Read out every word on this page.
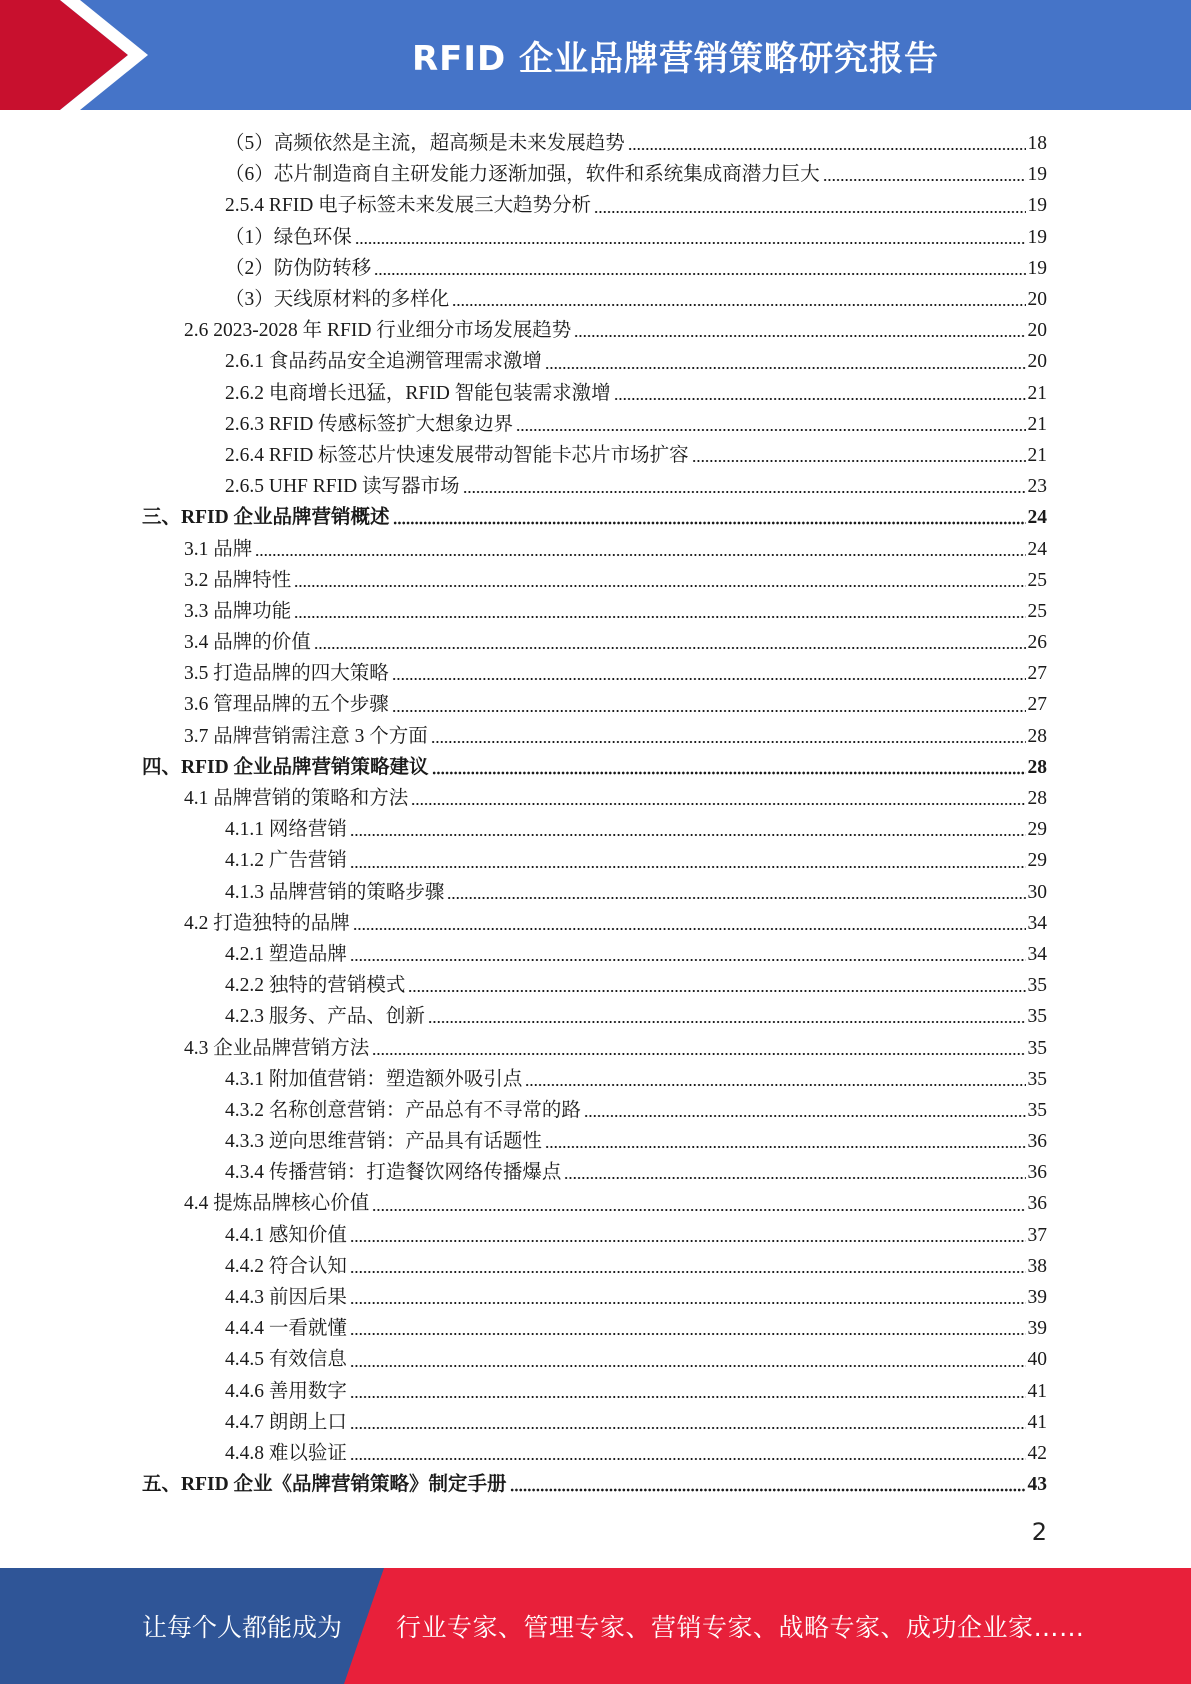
RFID 企业品牌营销策略研究报告
（5）高频依然是主流，超高频是未来发展趋势	18
（6）芯片制造商自主研发能力逐渐加强，软件和系统集成商潜力巨大	19
2.5.4 RFID 电子标签未来发展三大趋势分析	19
（1）绿色环保	19
（2）防伪防转移	19
（3）天线原材料的多样化	20
2.6 2023-2028 年 RFID 行业细分市场发展趋势	20
2.6.1 食品药品安全追溯管理需求激增	20
2.6.2 电商增长迅猛，RFID 智能包装需求激增	21
2.6.3 RFID 传感标签扩大想象边界	21
2.6.4 RFID 标签芯片快速发展带动智能卡芯片市场扩容	21
2.6.5 UHF RFID 读写器市场	23
三、RFID 企业品牌营销概述	24
3.1 品牌	24
3.2 品牌特性	25
3.3 品牌功能	25
3.4 品牌的价值	26
3.5 打造品牌的四大策略	27
3.6 管理品牌的五个步骤	27
3.7 品牌营销需注意 3 个方面	28
四、RFID 企业品牌营销策略建议	28
4.1 品牌营销的策略和方法	28
4.1.1 网络营销	29
4.1.2 广告营销	29
4.1.3 品牌营销的策略步骤	30
4.2 打造独特的品牌	34
4.2.1 塑造品牌	34
4.2.2 独特的营销模式	35
4.2.3 服务、产品、创新	35
4.3 企业品牌营销方法	35
4.3.1 附加值营销：塑造额外吸引点	35
4.3.2 名称创意营销：产品总有不寻常的路	35
4.3.3 逆向思维营销：产品具有话题性	36
4.3.4 传播营销：打造餐饮网络传播爆点	36
4.4 提炼品牌核心价值	36
4.4.1 感知价值	37
4.4.2 符合认知	38
4.4.3 前因后果	39
4.4.4 一看就懂	39
4.4.5 有效信息	40
4.4.6 善用数字	41
4.4.7 朗朗上口	41
4.4.8 难以验证	42
五、RFID 企业《品牌营销策略》制定手册	43
2
让每个人都能成为 行业专家、管理专家、营销专家、战略专家、成功企业家……
